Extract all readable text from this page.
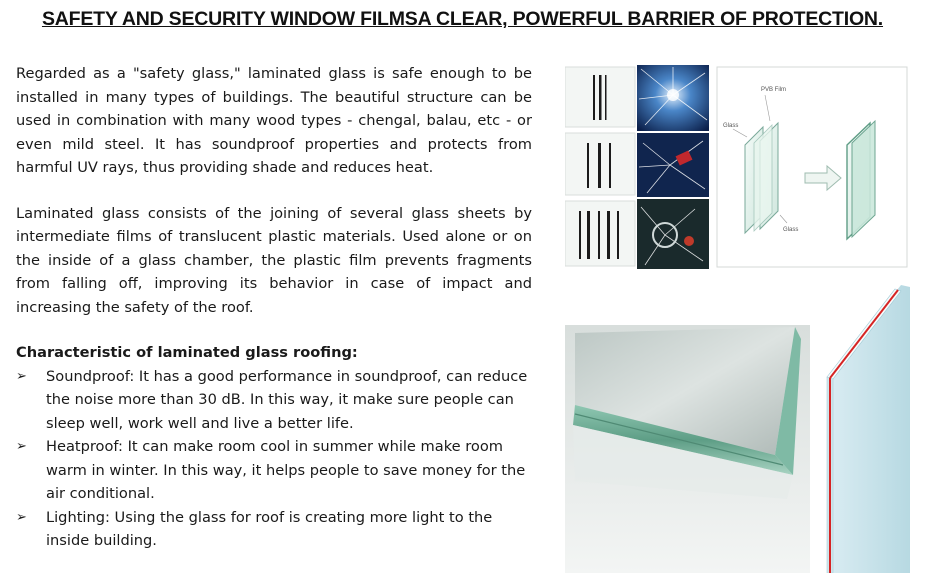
SAFETY AND SECURITY WINDOW FILMSA CLEAR, POWERFUL BARRIER OF PROTECTION.

Regarded as a "safety glass," laminated glass is safe enough to be installed in many types of buildings. The beautiful structure can be used in combination with many wood types - chengal, balau, etc - or even mild steel. It has soundproof properties and protects from harmful UV rays, thus providing shade and reduces heat.

Laminated glass consists of the joining of several glass sheets by intermediate films of translucent plastic materials. Used alone or on the inside of a glass chamber, the plastic film prevents fragments from falling off, improving its behavior in case of impact and increasing the safety of the roof.

Characteristic of laminated glass roofing:

➢ Soundproof: It has a good performance in soundproof, can reduce the noise more than 30 dB. In this way, it make sure people can sleep well, work well and live a better life.
➢ Heatproof: It can make room cool in summer while make room warm in winter. In this way, it helps people to save money for the air conditional.
➢ Lighting: Using the glass for roof is creating more light to the inside building.
PVB Film
Glass
Glass
